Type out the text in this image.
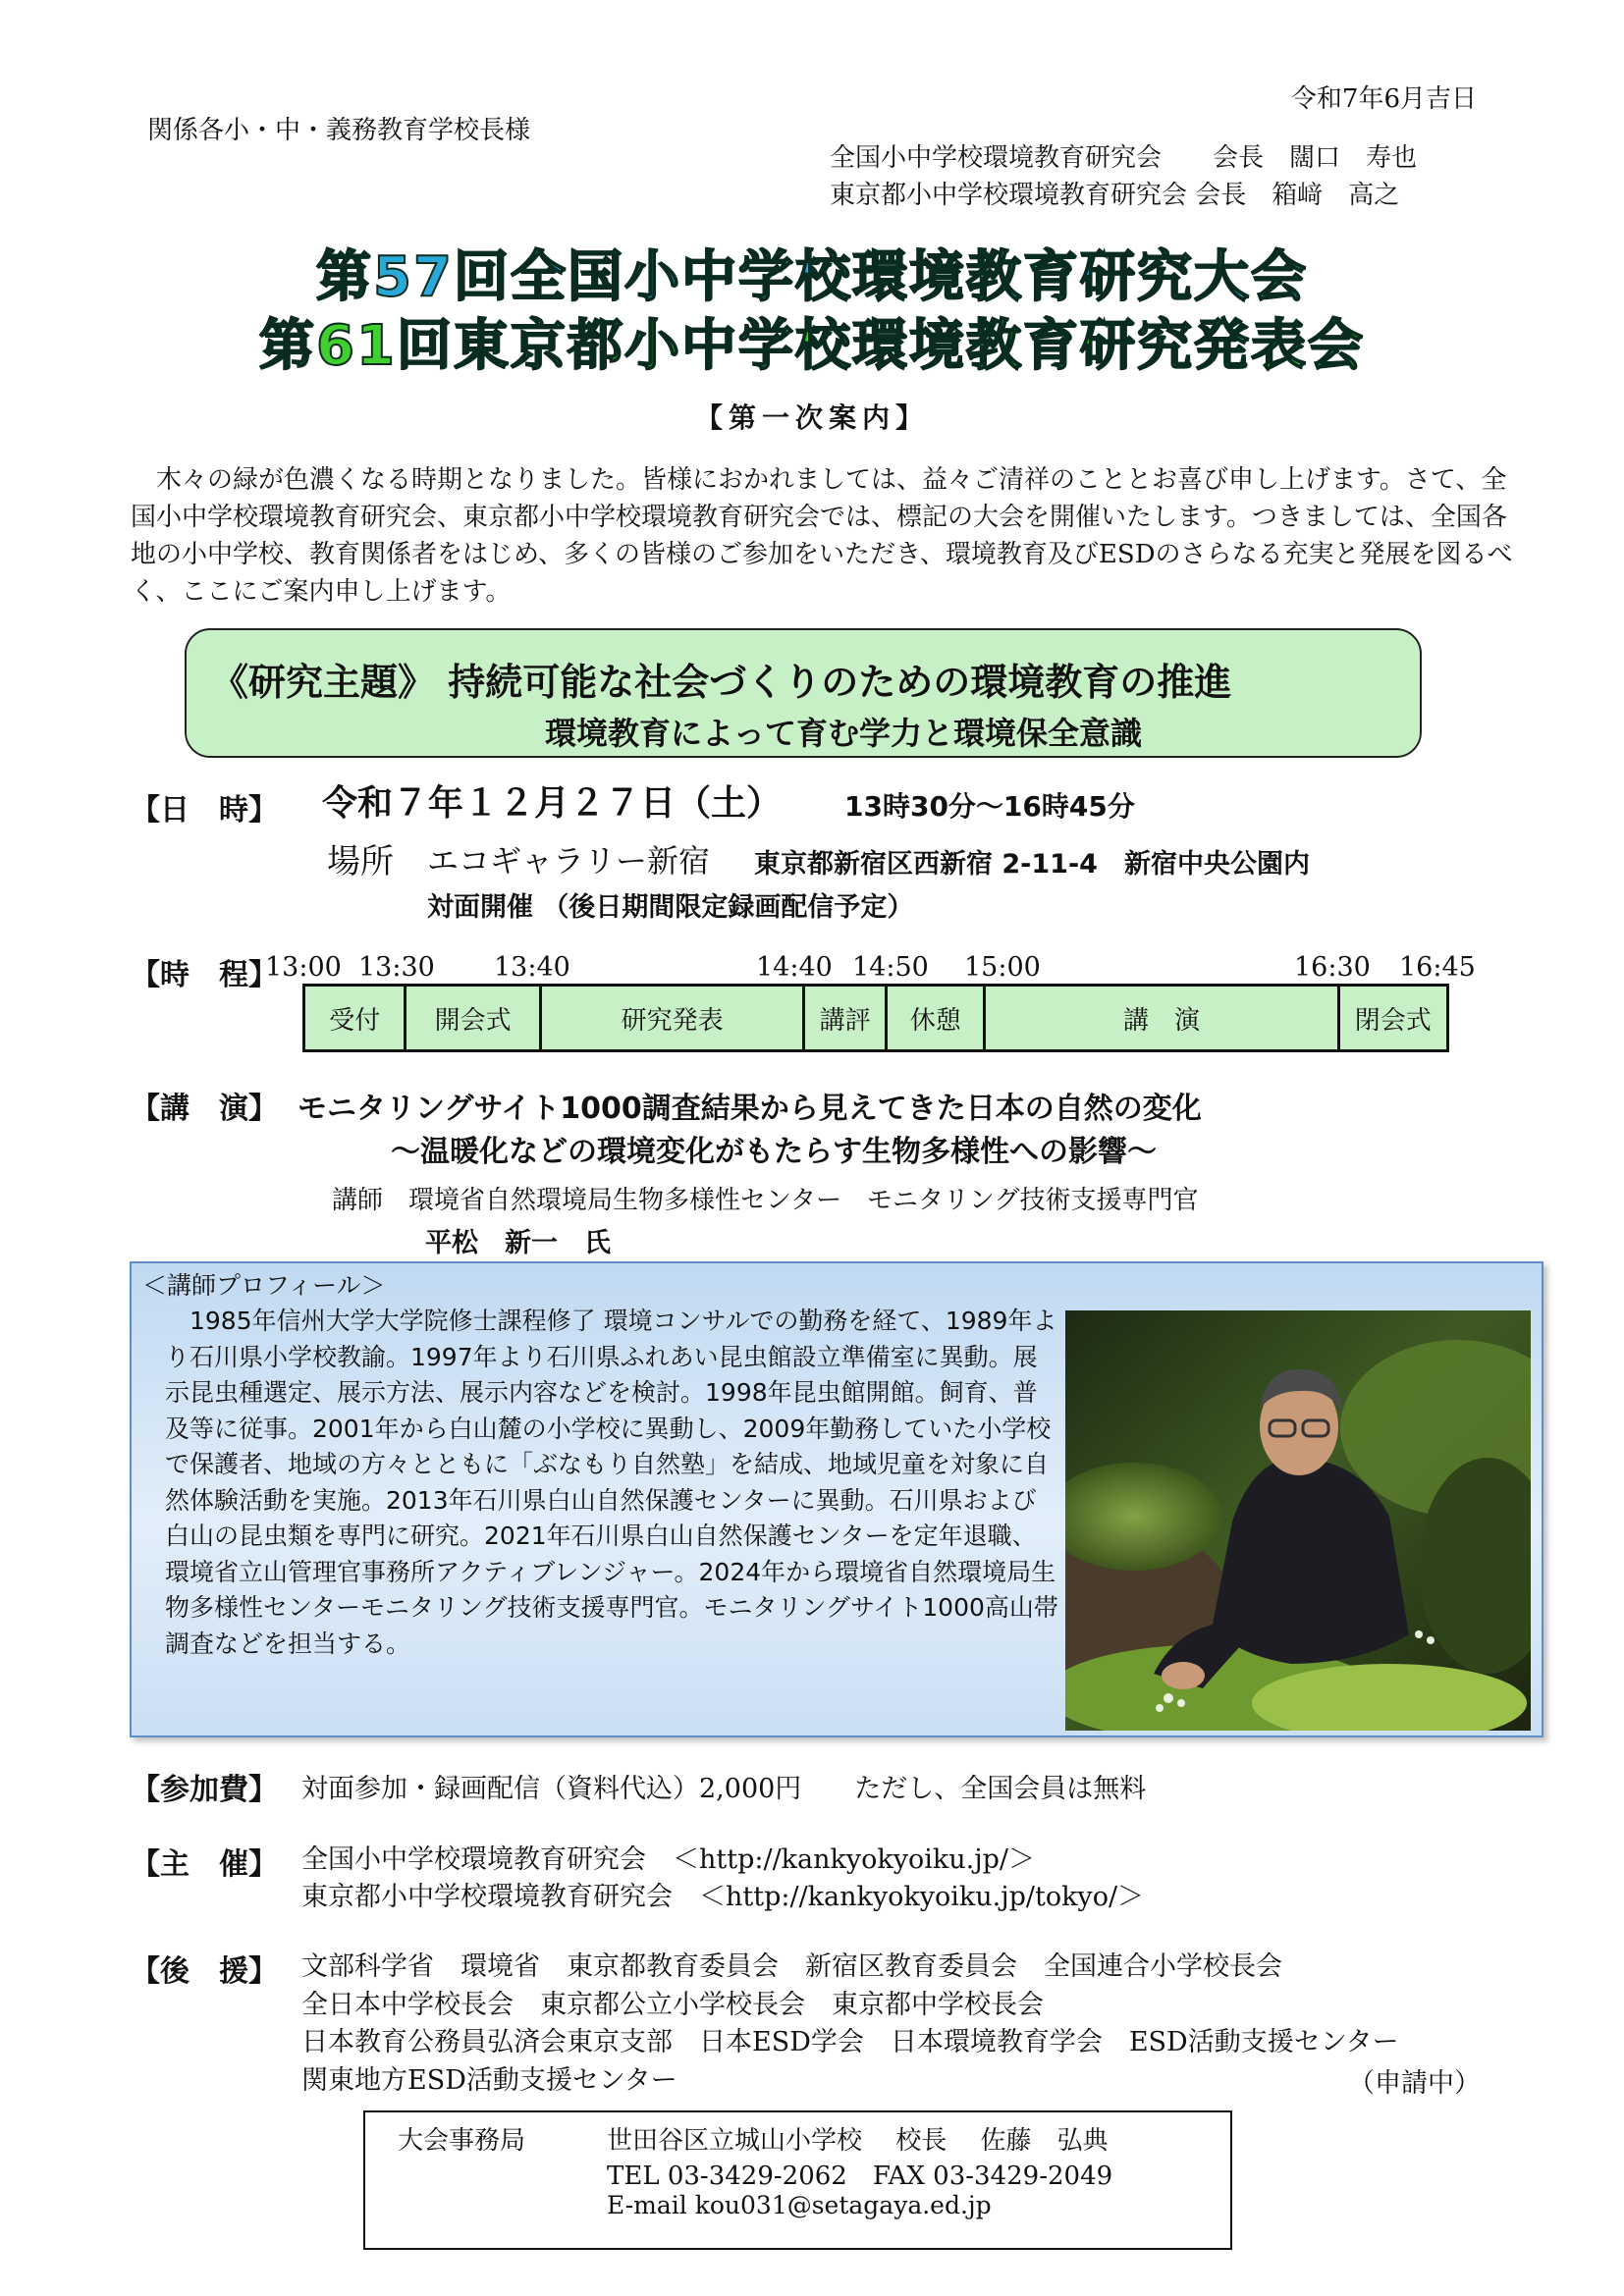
令和7年6月吉日
関係各小・中・義務教育学校長様
全国小中学校環境教育研究会　　会長　闊口　寿也
東京都小中学校環境教育研究会 会長　箱﨑　高之
第57回全国小中学校環境教育研究大会
第61回東京都小中学校環境教育研究発表会
【第一次案内】
木々の緑が色濃くなる時期となりました。皆様におかれましては、益々ご清祥のこととお喜び申し上げます。さて、全国小中学校環境教育研究会、東京都小中学校環境教育研究会では、標記の大会を開催いたします。つきましては、全国各地の小中学校、教育関係者をはじめ、多くの皆様のご参加をいただき、環境教育及びESDのさらなる充実と発展を図るべく、ここにご案内申し上げます。
《研究主題》 持続可能な社会づくりのための環境教育の推進
環境教育によって育む学力と環境保全意識
【日　時】 令和７年１２月２７日（土） 13時30分～16時45分
場所 エコギャラリー新宿 東京都新宿区西新宿 2-11-4　新宿中央公園内
対面開催 （後日期間限定録画配信予定）
【時　程】
13:00 13:30 13:40	14:40 14:50 15:00	16:30 16:45
受付	開会式	研究発表	講評	休憩	講　演	閉会式
【講　演】 モニタリングサイト1000調査結果から見えてきた日本の自然の変化
～温暖化などの環境変化がもたらす生物多様性への影響～
講師　環境省自然環境局生物多様性センター　モニタリング技術支援専門官
平松　新一　氏
＜講師プロフィール＞
1985年信州大学大学院修士課程修了 環境コンサルでの勤務を経て、1989年より石川県小学校教諭。1997年より石川県ふれあい昆虫館設立準備室に異動。展示昆虫種選定、展示方法、展示内容などを検討。1998年昆虫館開館。飼育、普及等に従事。2001年から白山麓の小学校に異動し、2009年勤務していた小学校で保護者、地域の方々とともに「ぶなもり自然塾」を結成、地域児童を対象に自然体験活動を実施。2013年石川県白山自然保護センターに異動。石川県および白山の昆虫類を専門に研究。2021年石川県白山自然保護センターを定年退職、環境省立山管理官事務所アクティブレンジャー。2024年から環境省自然環境局生物多様性センターモニタリング技術支援専門官。モニタリングサイト1000高山帯調査などを担当する。
【参加費】 対面参加・録画配信（資料代込）2,000円　　ただし、全国会員は無料
【主　催】 全国小中学校環境教育研究会　＜http://kankyokyoiku.jp/＞
東京都小中学校環境教育研究会　＜http://kankyokyoiku.jp/tokyo/＞
【後　援】 文部科学省　環境省　東京都教育委員会　新宿区教育委員会　全国連合小学校長会
全日本中学校長会　東京都公立小学校長会　東京都中学校長会
日本教育公務員弘済会東京支部　日本ESD学会　日本環境教育学会　ESD活動支援センター
関東地方ESD活動支援センター	（申請中）
大会事務局	世田谷区立城山小学校　 校長　 佐藤　弘典
TEL 03-3429-2062　FAX 03-3429-2049
E-mail kou031@setagaya.ed.jp
